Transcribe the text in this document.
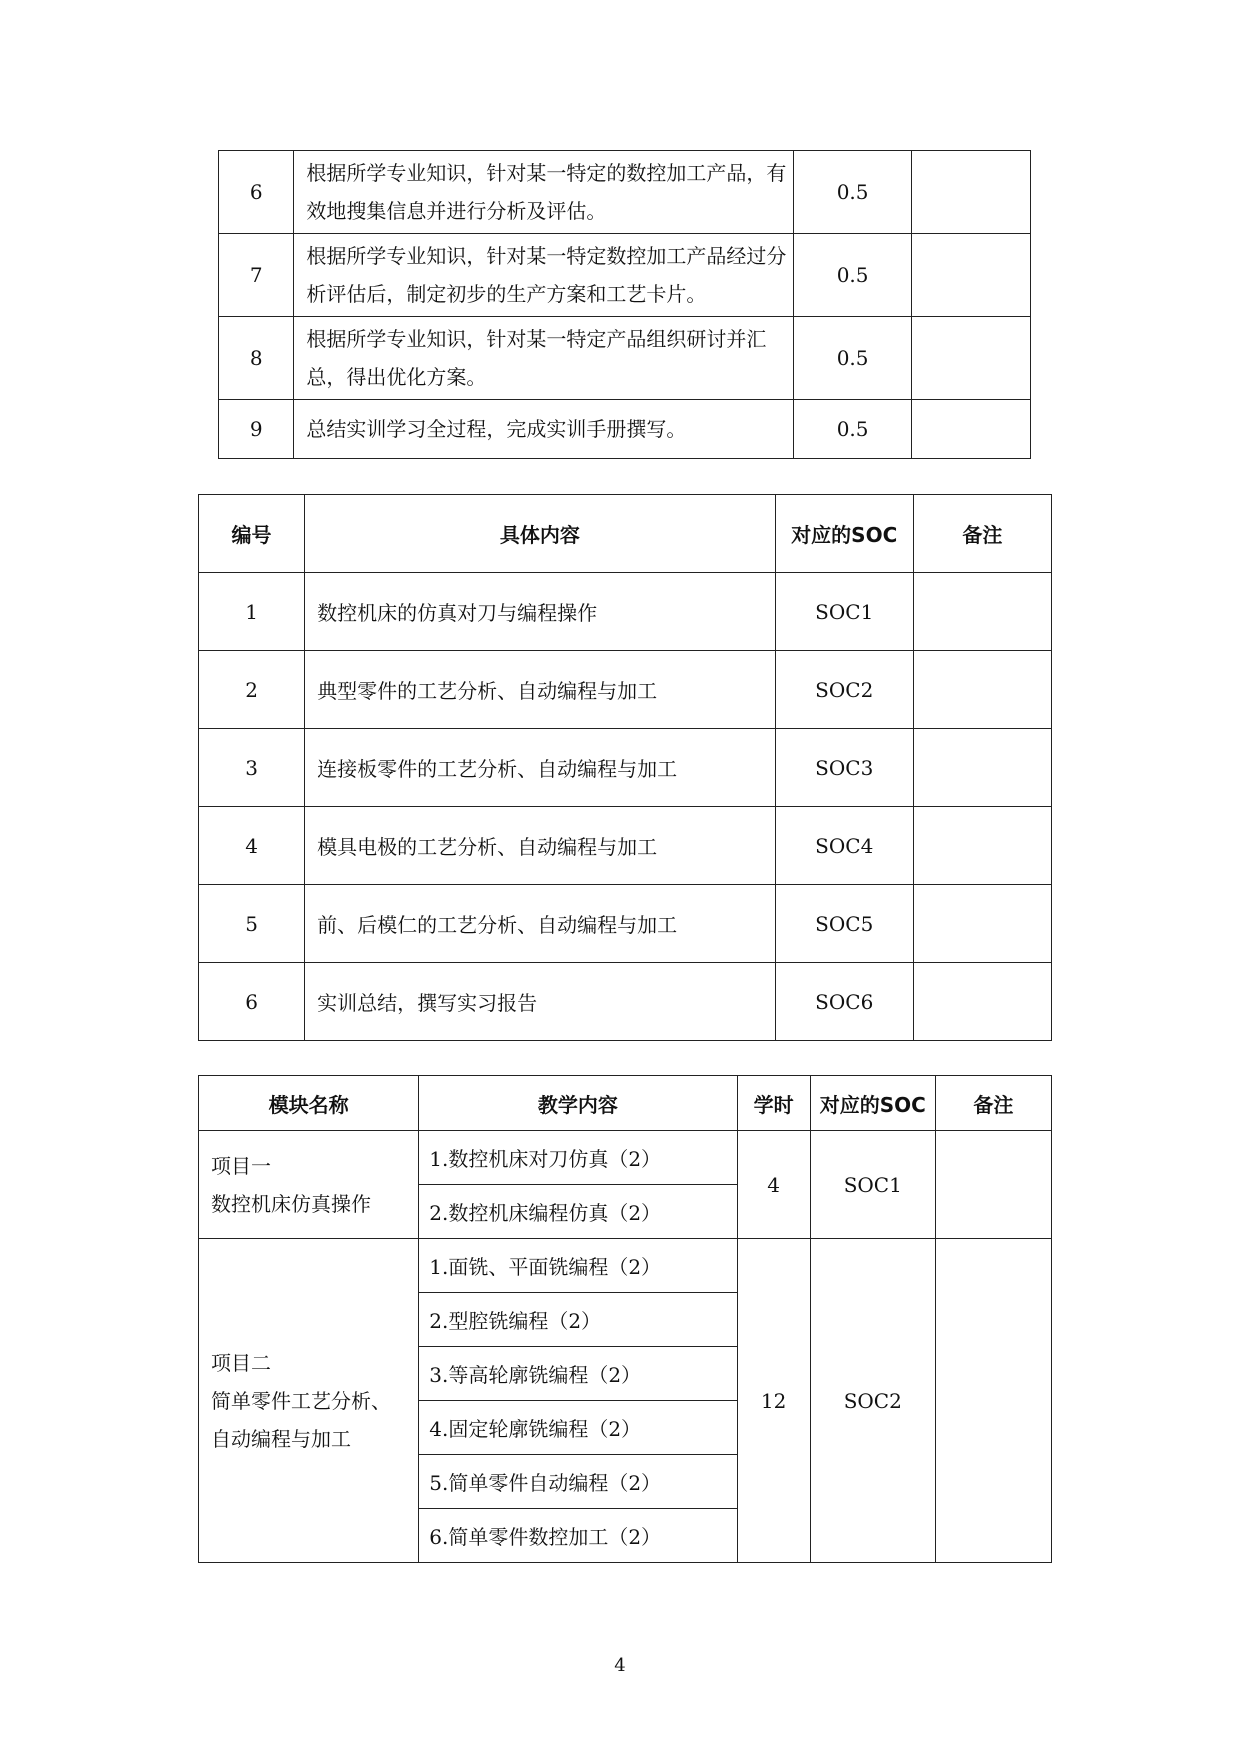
6	根据所学专业知识，针对某一特定的数控加工产品，有效地搜集信息并进行分析及评估。	0.5	
7	根据所学专业知识，针对某一特定数控加工产品经过分析评估后，制定初步的生产方案和工艺卡片。	0.5	
8	根据所学专业知识，针对某一特定产品组织研讨并汇总，得出优化方案。	0.5	
9	总结实训学习全过程，完成实训手册撰写。	0.5	
编号	具体内容	对应的SOC	备注
1	数控机床的仿真对刀与编程操作	SOC1	
2	典型零件的工艺分析、自动编程与加工	SOC2	
3	连接板零件的工艺分析、自动编程与加工	SOC3	
4	模具电极的工艺分析、自动编程与加工	SOC4	
5	前、后模仁的工艺分析、自动编程与加工	SOC5	
6	实训总结，撰写实习报告	SOC6	
模块名称	教学内容	学时	对应的SOC	备注

项目一
数控机床仿真操作	1.数控机床对刀仿真（2）	4	SOC1	
	2.数控机床编程仿真（2）			

项目二
简单零件工艺分析、
自动编程与加工	1.面铣、平面铣编程（2）	12	SOC2	
	2.型腔铣编程（2）			
	3.等高轮廓铣编程（2）			
	4.固定轮廓铣编程（2）			
	5.简单零件自动编程（2）			
	6.简单零件数控加工（2）			
4
